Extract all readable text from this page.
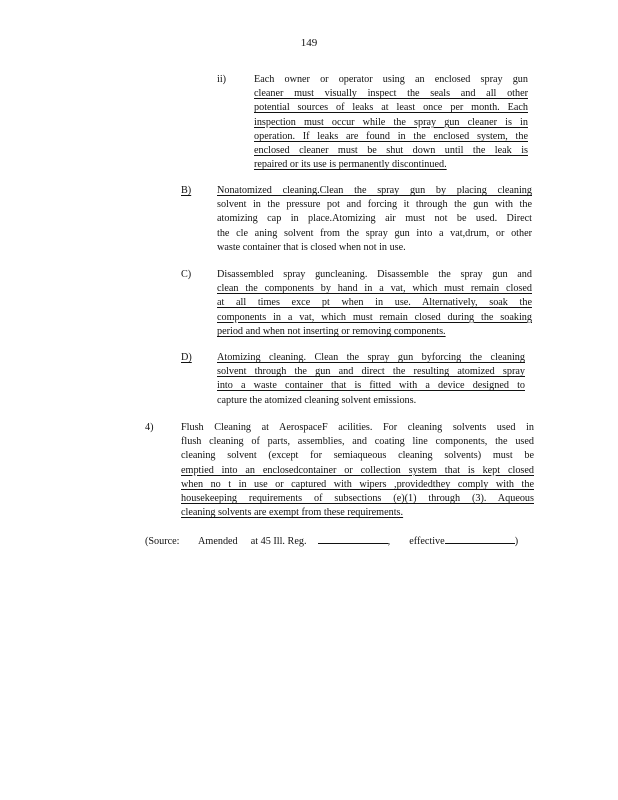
149
ii)	Each owner or operator using an enclosed spray gun
cleaner must visually inspect the seals and all other
potential sources of leaks at least once per month. Each
inspection must occur while the spray gun cleaner is in
operation. If leaks are found in the enclosed system, the
enclosed cleaner must be shut down until the leak is
repaired or its use is permanently discontinued.
B)	Nonatomized cleaning.Clean the spray gun by placing cleaning
solvent in the pressure pot and forcing it through the gun with the
atomizing cap in place.Atomizing air must not be used. Direct
the cle aning solvent from the spray gun into a vat,drum, or other
waste container that is closed when not in use.
C)	Disassembled spray guncleaning. Disassemble the spray gun and
clean the components by hand in a vat, which must remain closed
at all times exce pt when in use. Alternatively, soak the
components in a vat, which must remain closed during the soaking
period and when not inserting or removing components.
D) Atomizing cleaning. Clean the spray gun byforcing the cleaning
solvent through the gun and direct the resulting atomized spray
into a waste container that is fitted with a device designed to
capture the atomized cleaning solvent emissions.
4)	Flush Cleaning at AerospaceF acilities. For cleaning solvents used in
flush cleaning of parts, assemblies, and coating line components, the used
cleaning solvent (except for semiaqueous cleaning solvents) must be
emptied into an enclosedcontainer or collection system that is kept closed
when no t in use or captured with wipers ,providedthey comply with the
housekeeping requirements of subsections (e)(1) through (3). Aqueous
cleaning solvents are exempt from these requirements.
(Source: Amended at 45 Ill. Reg.	, effective	)
